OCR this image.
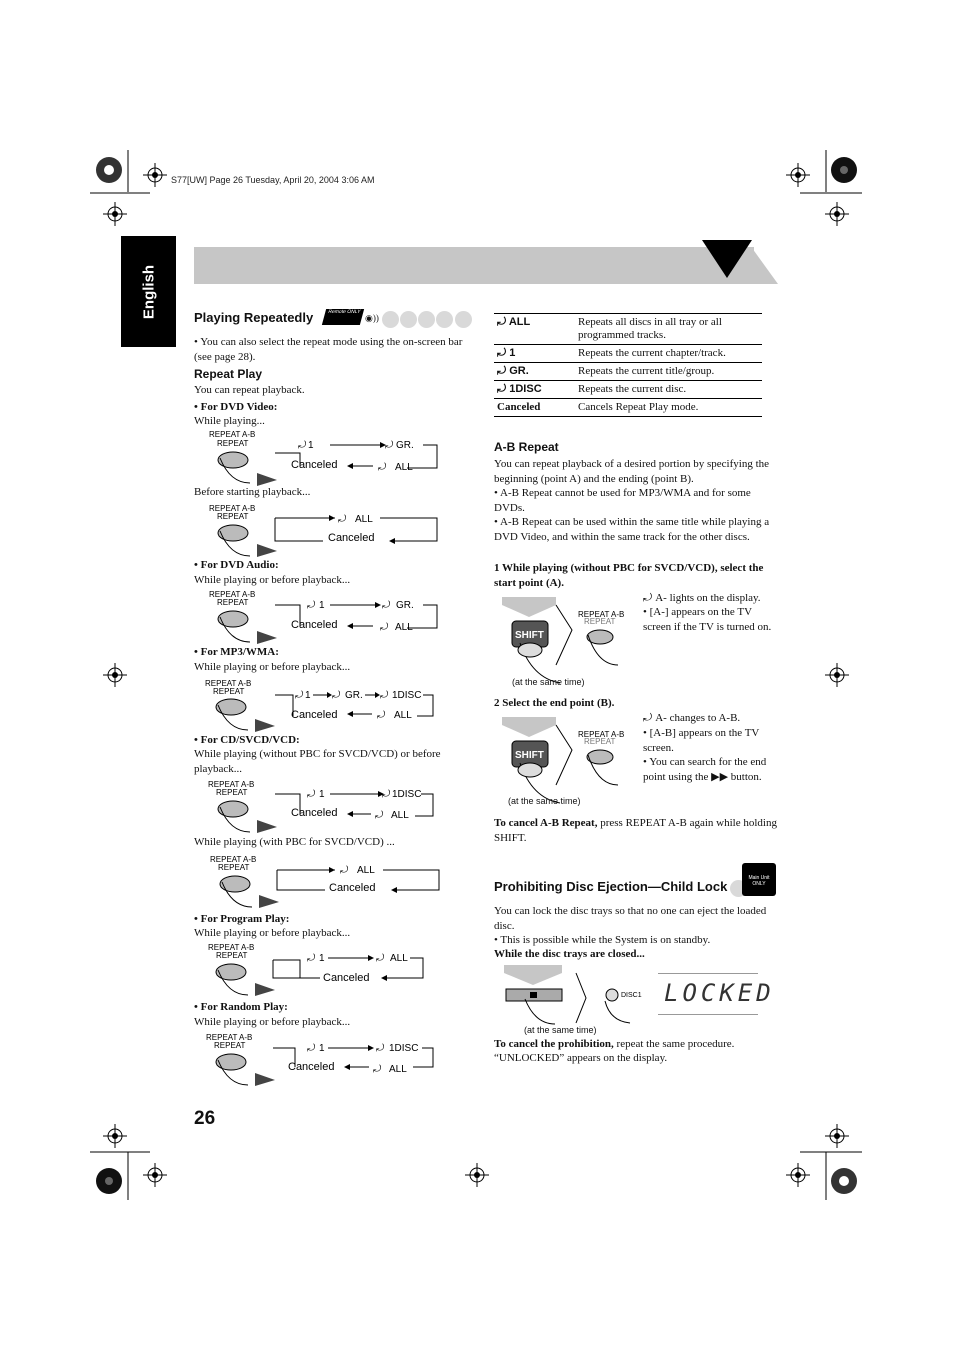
S77[UW] Page 26 Tuesday, April 20, 2004 3:06 AM
English	Playing Repeatedly	Remote ONLY
◉))
• You can also select the repeat mode using the on-screen bar (see page 28).
Repeat Play
You can repeat playback.
• For DVD Video:
While playing...
Before starting playback...
• For DVD Audio:
While playing or before playback...
• For MP3/WMA:
While playing or before playback...
• For CD/SVCD/VCD:
While playing (without PBC for SVCD/VCD) or before playback...
While playing (with PBC for SVCD/VCD) ...
• For Program Play:
While playing or before playback...
• For Random Play:
While playing or before playback...
REPEAT A-B
REPEAT	1
⤾	⤾ GR.
⤾ ALL
Canceled
REPEAT A-B
REPEAT	⤾ ALL
Canceled
REPEAT A-B
REPEAT	⤾ 1	⤾ GR.
⤾ ALL
Canceled
REPEAT A-B
REPEAT	⤾ 1 ⤾ GR. ⤾ 1DISC
⤾ ALL
Canceled
REPEAT A-B
REPEAT	⤾ 1	⤾ 1DISC
⤾ ALL
Canceled
REPEAT A-B
REPEAT	⤾ ALL
Canceled
REPEAT A-B
REPEAT	⤾ 1	⤾ ALL
Canceled
REPEAT A-B
REPEAT	⤾ 1	⤾ 1DISC
⤾ ALL
Canceled
26
⤾ ALL	Repeats all discs in all tray or all programmed tracks.
⤾ 1	Repeats the current chapter/track.
⤾ GR.	Repeats the current title/group.
⤾ 1DISC	Repeats the current disc.
Canceled	Cancels Repeat Play mode.
A-B Repeat
You can repeat playback of a desired portion by specifying the beginning (point A) and the ending (point B).
• A-B Repeat cannot be used for MP3/WMA and for some DVDs.
• A-B Repeat can be used within the same title while playing a DVD Video, and within the same track for the other discs.
1 While playing (without PBC for SVCD/VCD), select the start point (A).
SHIFT
REPEAT A-B
REPEAT
(at the same time)
⤾ A- lights on the display.
• [A-] appears on the TV screen if the TV is turned on.
2 Select the end point (B).
SHIFT
REPEAT A-B
REPEAT
(at the same time)
⤾ A- changes to A-B.
• [A-B] appears on the TV screen.
• You can search for the end point using the ▶▶ button.
To cancel A-B Repeat, press REPEAT A-B again while holding SHIFT.
Prohibiting Disc Ejection—Child Lock
Main Unit ONLY
You can lock the disc trays so that no one can eject the loaded disc.
• This is possible while the System is on standby.
While the disc trays are closed...
DISC1 LOCKED
(at the same time)
To cancel the prohibition, repeat the same procedure.
“UNLOCKED” appears on the display.
